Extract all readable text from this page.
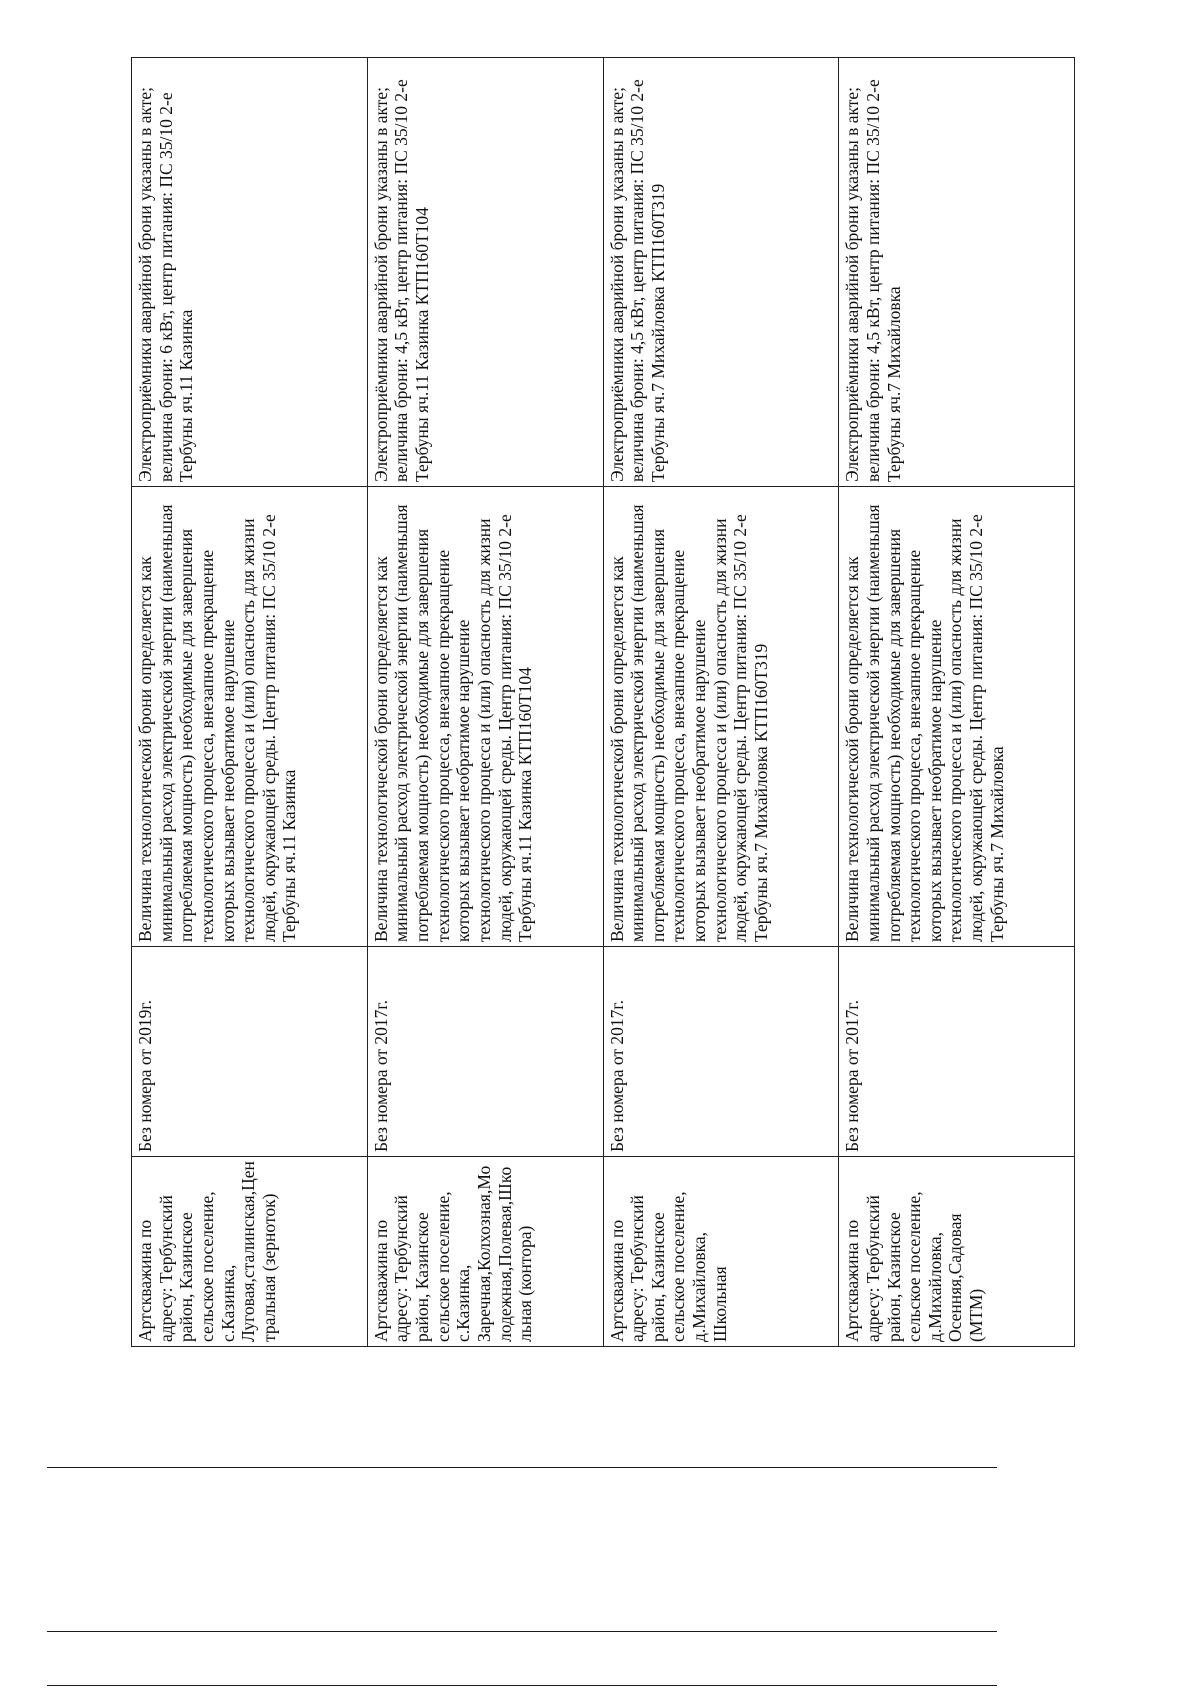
Артскважина по адресу: Тербунский район, Казинское сельское поселение, с.Казинка, Луговая,сталинская,Центральная (зерноток)	Без номера от 2019г.	Величина технологической брони определяется как минимальный расход электрической энергии (наименьшая потребляемая мощность) необходимые для завершения технологического процесса, внезапное прекращение которых вызывает необратимое нарушение технологического процесса и (или) опасность для жизни людей, окружающей среды. Центр питания: ПС 35/10 2-е Тербуны яч.11 Казинка	Электроприёмники аварийной брони указаны в акте; величина брони: 6 кВт, центр питания: ПС 35/10 2-е Тербуны яч.11 Казинка
Артскважина по адресу: Тербунский район, Казинское сельское поселение, с.Казинка, Заречная,Колхозная,Молодежная,Полевая,Школьная (контора)	Без номера от 2017г.	Величина технологической брони определяется как минимальный расход электрической энергии (наименьшая потребляемая мощность) необходимые для завершения технологического процесса, внезапное прекращение которых вызывает необратимое нарушение технологического процесса и (или) опасность для жизни людей, окружающей среды. Центр питания: ПС 35/10 2-е Тербуны яч.11 Казинка КТП160Т104	Электроприёмники аварийной брони указаны в акте; величина брони: 4,5 кВт, центр питания: ПС 35/10 2-е Тербуны яч.11 Казинка КТП160Т104
Артскважина по адресу: Тербунский район, Казинское сельское поселение, д.Михайловка, Школьная	Без номера от 2017г.	Величина технологической брони определяется как минимальный расход электрической энергии (наименьшая потребляемая мощность) необходимые для завершения технологического процесса, внезапное прекращение которых вызывает необратимое нарушение технологического процесса и (или) опасность для жизни людей, окружающей среды. Центр питания: ПС 35/10 2-е Тербуны яч.7 Михайловка КТП160Т319	Электроприёмники аварийной брони указаны в акте; величина брони: 4,5 кВт, центр питания: ПС 35/10 2-е Тербуны яч.7 Михайловка КТП160Т319
Артскважина по адресу: Тербунский район, Казинское сельское поселение, д.Михайловка, Осенняя,Садовая (МТМ)	Без номера от 2017г.	Величина технологической брони определяется как минимальный расход электрической энергии (наименьшая потребляемая мощность) необходимые для завершения технологического процесса, внезапное прекращение которых вызывает необратимое нарушение технологического процесса и (или) опасность для жизни людей, окружающей среды. Центр питания: ПС 35/10 2-е Тербуны яч.7 Михайловка	Электроприёмники аварийной брони указаны в акте; величина брони: 4,5 кВт, центр питания: ПС 35/10 2-е Тербуны яч.7 Михайловка
